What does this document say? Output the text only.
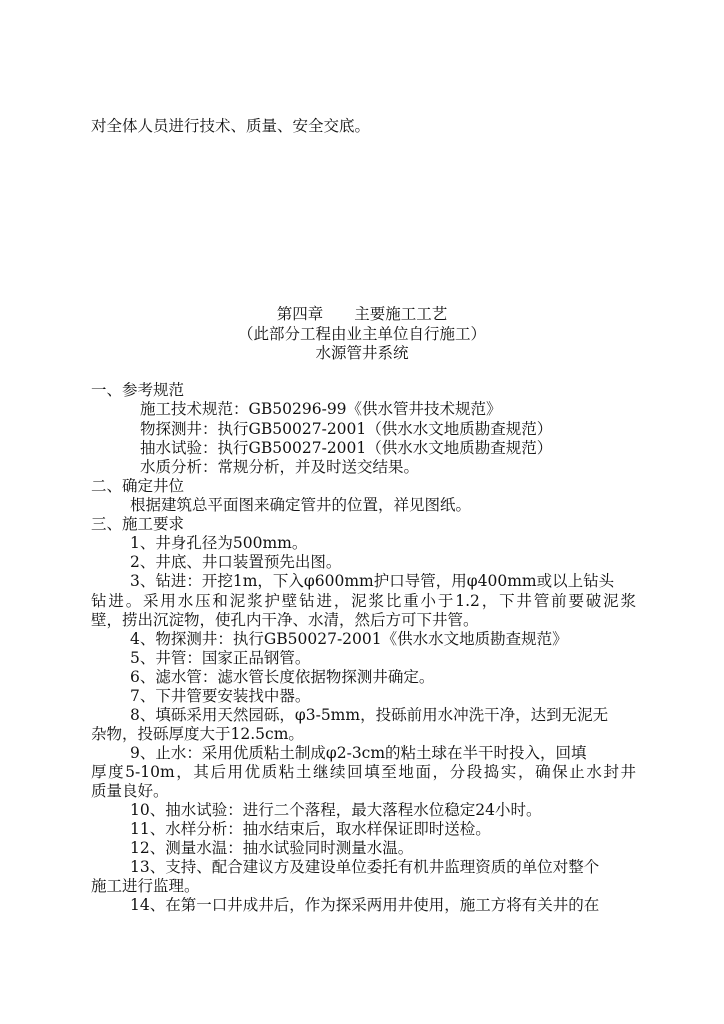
对全体人员进行技术、质量、安全交底。
第四章　　主要施工工艺
（此部分工程由业主单位自行施工）
水源管井系统
一、参考规范
施工技术规范：GB50296-99《供水管井技术规范》
物探测井：执行GB50027-2001（供水水文地质勘查规范）
抽水试验：执行GB50027-2001（供水水文地质勘查规范）
水质分析：常规分析，并及时送交结果。
二、确定井位
根据建筑总平面图来确定管井的位置，祥见图纸。
三、施工要求
1、井身孔径为500mm。
2、井底、井口装置预先出图。
3、钻进：开挖1m，下入φ600mm护口导管，用φ400mm或以上钻头
钻进。采用水压和泥浆护壁钻进，泥浆比重小于1.2，下井管前要破泥浆
壁，捞出沉淀物，使孔内干净、水清，然后方可下井管。
4、物探测井：执行GB50027-2001《供水水文地质勘查规范》
5、井管：国家正品钢管。
6、滤水管：滤水管长度依据物探测井确定。
7、下井管要安装找中器。
8、填砾采用天然园砾，φ3-5mm，投砾前用水冲洗干净，达到无泥无
杂物，投砾厚度大于12.5cm。
9、止水：采用优质粘土制成φ2-3cm的粘土球在半干时投入，回填
厚度5-10m，其后用优质粘土继续回填至地面，分段捣实，确保止水封井
质量良好。
10、抽水试验：进行二个落程，最大落程水位稳定24小时。
11、水样分析：抽水结束后，取水样保证即时送检。
12、测量水温：抽水试验同时测量水温。
13、支持、配合建议方及建设单位委托有机井监理资质的单位对整个
施工进行监理。
14、在第一口井成井后，作为探采两用井使用，施工方将有关井的在
